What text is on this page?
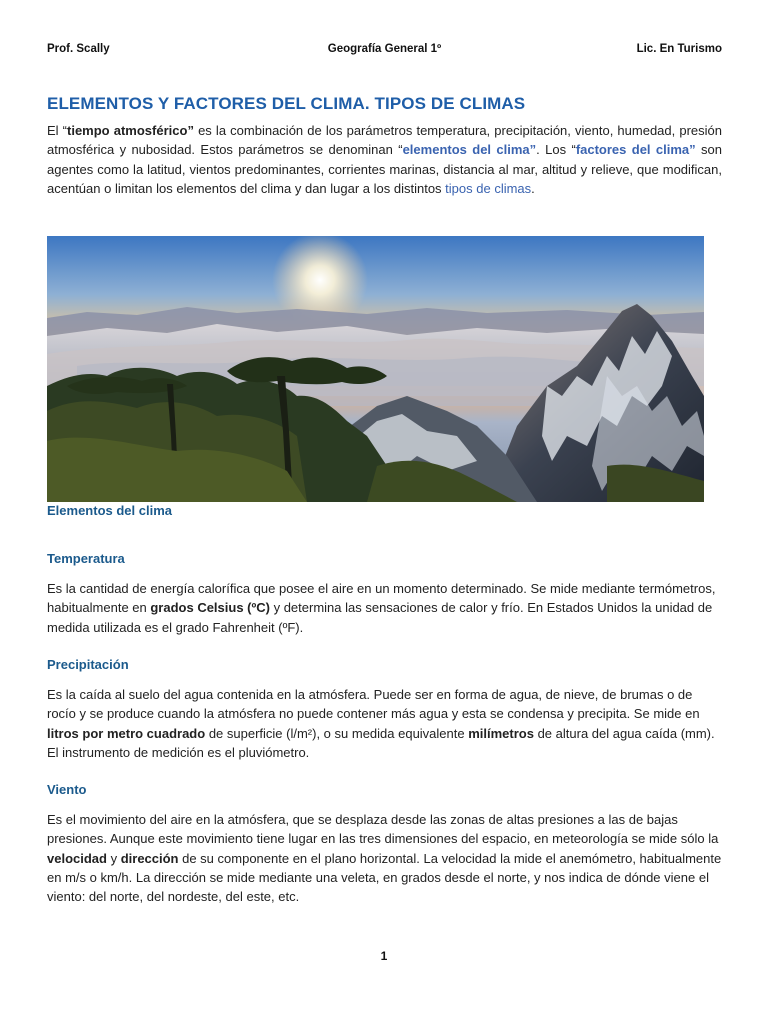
Prof. Scally	Geografía General 1º	Lic. En Turismo
ELEMENTOS Y FACTORES DEL CLIMA. TIPOS DE CLIMAS

El “tiempo atmosférico” es la combinación de los parámetros temperatura, precipitación, viento, humedad, presión atmosférica y nubosidad. Estos parámetros se denominan “elementos del clima”. Los “factores del clima” son agentes como la latitud, vientos predominantes, corrientes marinas, distancia al mar, altitud y relieve, que modifican, acentúan o limitan los elementos del clima y dan lugar a los distintos tipos de climas.

Elementos del clima

Temperatura

Es la cantidad de energía calorífica que posee el aire en un momento determinado. Se mide mediante termómetros, habitualmente en grados Celsius (ºC) y determina las sensaciones de calor y frío. En Estados Unidos la unidad de medida utilizada es el grado Fahrenheit (ºF).

Precipitación

Es la caída al suelo del agua contenida en la atmósfera. Puede ser en forma de agua, de nieve, de brumas o de rocío y se produce cuando la atmósfera no puede contener más agua y esta se condensa y precipita. Se mide en litros por metro cuadrado de superficie (l/m²), o su medida equivalente milímetros de altura del agua caída (mm). El instrumento de medición es el pluviómetro.

Viento

Es el movimiento del aire en la atmósfera, que se desplaza desde las zonas de altas presiones a las de bajas presiones. Aunque este movimiento tiene lugar en las tres dimensiones del espacio, en meteorología se mide sólo la velocidad y dirección de su componente en el plano horizontal. La velocidad la mide el anemómetro, habitualmente en m/s o km/h. La dirección se mide mediante una veleta, en grados desde el norte, y nos indica de dónde viene el viento: del norte, del nordeste, del este, etc.

1
